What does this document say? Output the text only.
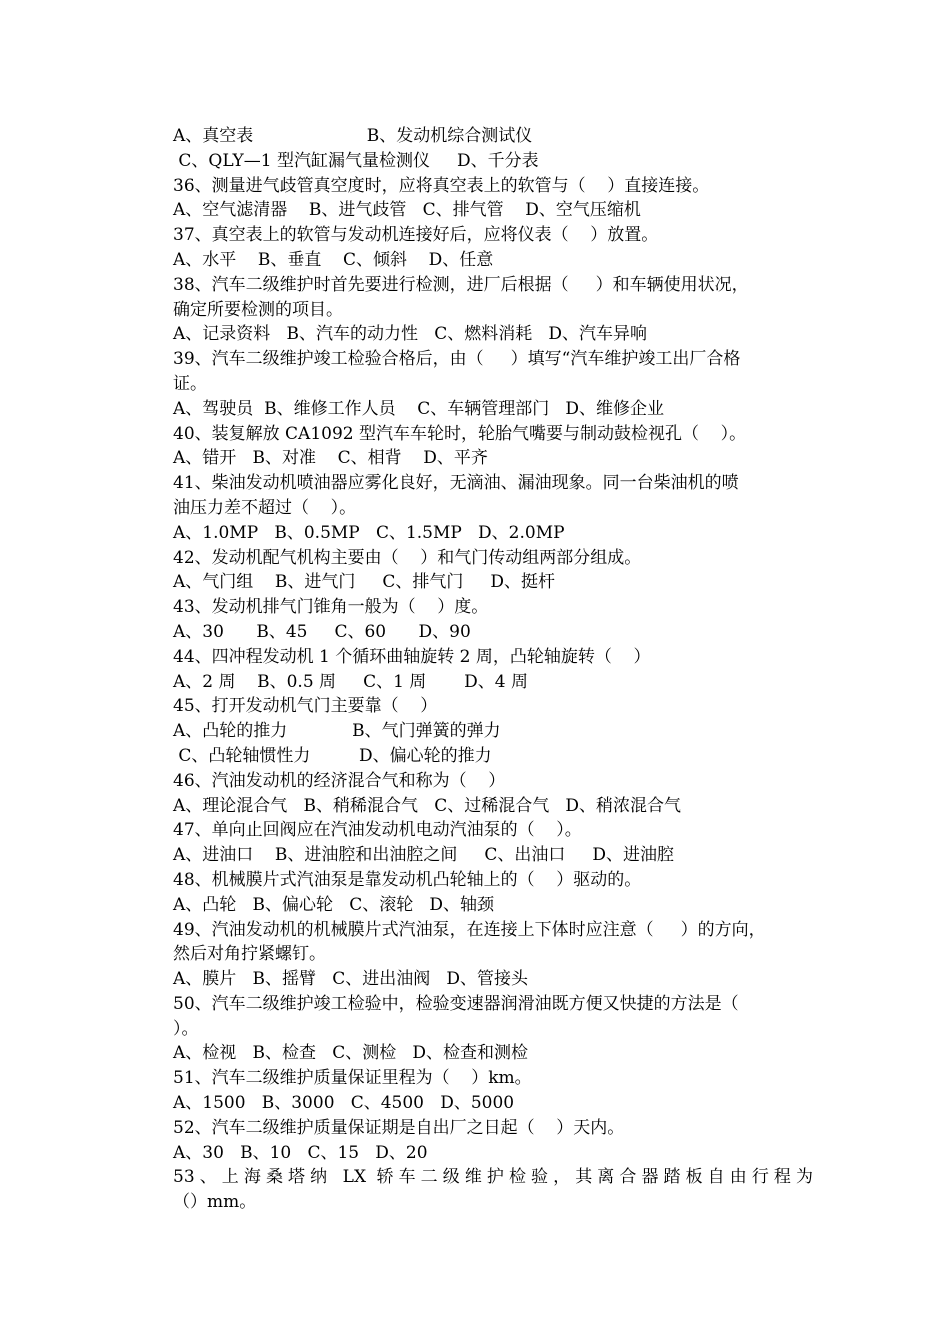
A、真空表                     B、发动机综合测试仪
C、QLY—1 型汽缸漏气量检测仪     D、千分表
36、测量进气歧管真空度时，应将真空表上的软管与（    ）直接连接。
A、空气滤清器    B、进气歧管   C、排气管    D、空气压缩机
37、真空表上的软管与发动机连接好后，应将仪表（    ）放置。
A、水平    B、垂直    C、倾斜    D、任意
38、汽车二级维护时首先要进行检测，进厂后根据（     ）和车辆使用状况，
确定所要检测的项目。
A、记录资料   B、汽车的动力性   C、燃料消耗   D、汽车异响
39、汽车二级维护竣工检验合格后，由（     ）填写“汽车维护竣工出厂合格
证。
A、驾驶员  B、维修工作人员    C、车辆管理部门   D、维修企业
40、装复解放 CA1092 型汽车车轮时，轮胎气嘴要与制动鼓检视孔（    ）。
A、错开   B、对准    C、相背    D、平齐
41、柴油发动机喷油器应雾化良好，无滴油、漏油现象。同一台柴油机的喷
油压力差不超过（    ）。
A、1.0MP   B、0.5MP   C、1.5MP   D、2.0MP
42、发动机配气机构主要由（    ）和气门传动组两部分组成。
A、气门组    B、进气门     C、排气门     D、挺杆
43、发动机排气门锥角一般为（    ）度。
A、30      B、45     C、60      D、90
44、四冲程发动机 1 个循环曲轴旋转 2 周，凸轮轴旋转（    ）
A、2 周    B、0.5 周     C、1 周       D、4 周
45、打开发动机气门主要靠（    ）
A、凸轮的推力            B、气门弹簧的弹力
C、凸轮轴惯性力         D、偏心轮的推力
46、汽油发动机的经济混合气和称为（    ）
A、理论混合气   B、稍稀混合气   C、过稀混合气   D、稍浓混合气
47、单向止回阀应在汽油发动机电动汽油泵的（    ）。
A、进油口    B、进油腔和出油腔之间     C、出油口     D、进油腔
48、机械膜片式汽油泵是靠发动机凸轮轴上的（    ）驱动的。
A、凸轮   B、偏心轮   C、滚轮   D、轴颈
49、汽油发动机的机械膜片式汽油泵，在连接上下体时应注意（     ）的方向，
然后对角拧紧螺钉。
A、膜片   B、摇臂   C、进出油阀   D、管接头
50、汽车二级维护竣工检验中，检验变速器润滑油既方便又快捷的方法是（
）。
A、检视   B、检查   C、测检   D、检查和测检
51、汽车二级维护质量保证里程为（    ）km。
A、1500   B、3000   C、4500   D、5000
52、汽车二级维护质量保证期是自出厂之日起（    ）天内。
A、30   B、10   C、15   D、20
53、上海桑塔纳 LX 轿车二级维护检验，其离合器踏板自由行程为
（）mm。
